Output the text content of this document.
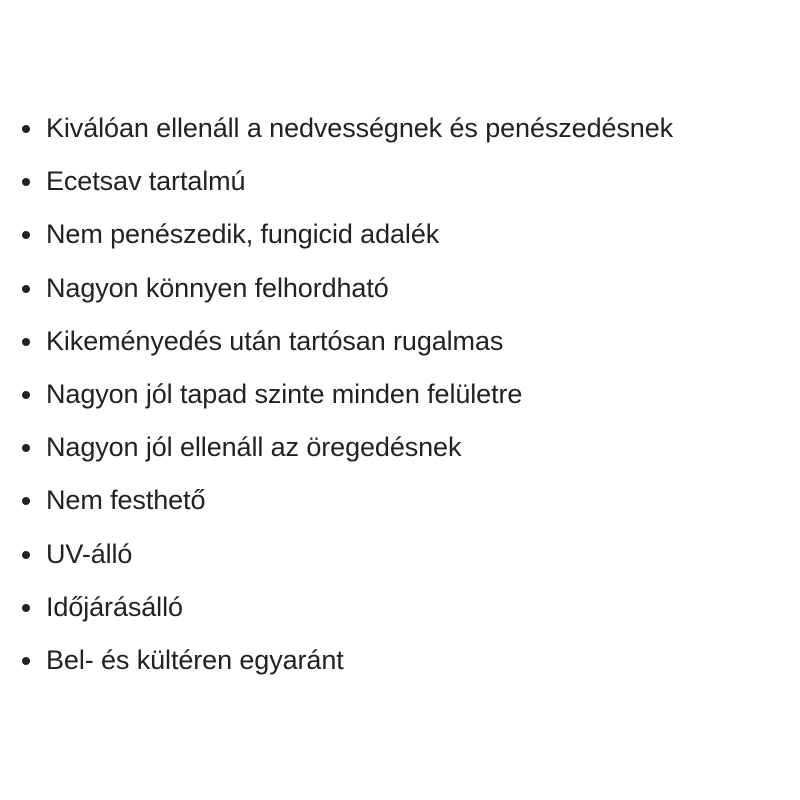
Kiválóan ellenáll a nedvességnek és penészedésnek
Ecetsav tartalmú
Nem penészedik, fungicid adalék
Nagyon könnyen felhordható
Kikeményedés után tartósan rugalmas
Nagyon jól tapad szinte minden felületre
Nagyon jól ellenáll az öregedésnek
Nem festhető
UV-álló
Időjárásálló
Bel- és kültéren egyaránt
